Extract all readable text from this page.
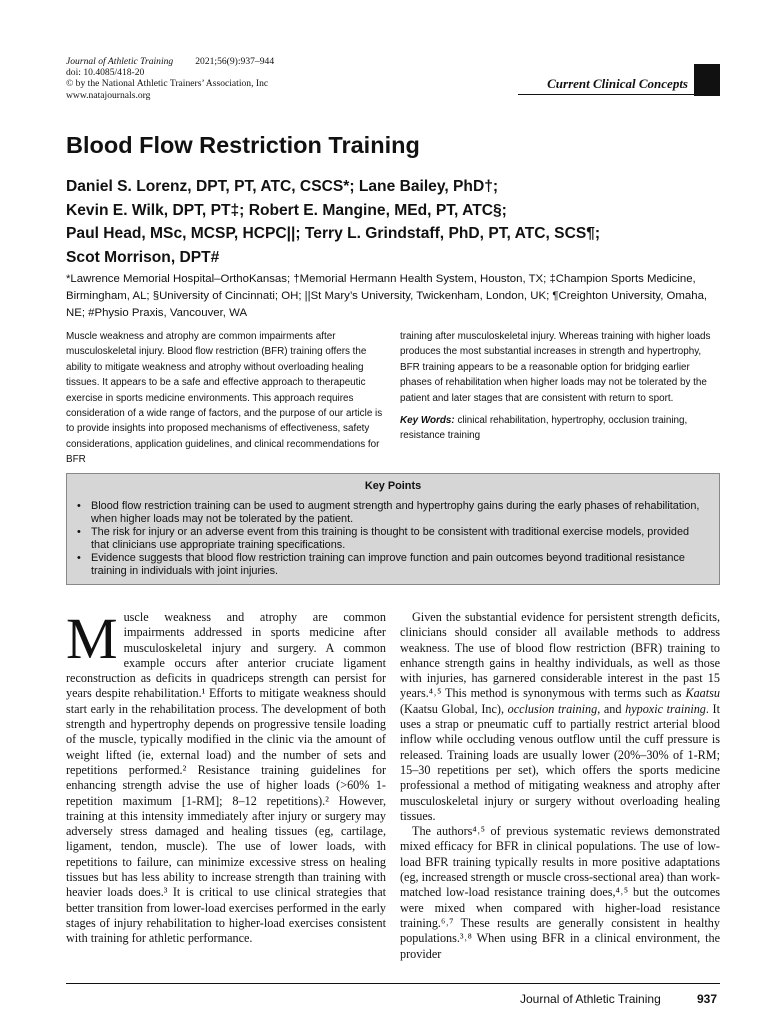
Journal of Athletic Training 2021;56(9):937–944
doi: 10.4085/418-20
© by the National Athletic Trainers’ Association, Inc
www.natajournals.org
Current Clinical Concepts
Blood Flow Restriction Training
Daniel S. Lorenz, DPT, PT, ATC, CSCS*; Lane Bailey, PhD†;
Kevin E. Wilk, DPT, PT‡; Robert E. Mangine, MEd, PT, ATC§;
Paul Head, MSc, MCSP, HCPC||; Terry L. Grindstaff, PhD, PT, ATC, SCS¶;
Scot Morrison, DPT#
*Lawrence Memorial Hospital–OrthoKansas; †Memorial Hermann Health System, Houston, TX; ‡Champion Sports Medicine, Birmingham, AL; §University of Cincinnati; OH; ||St Mary’s University, Twickenham, London, UK; ¶Creighton University, Omaha, NE; #Physio Praxis, Vancouver, WA
Muscle weakness and atrophy are common impairments after musculoskeletal injury. Blood flow restriction (BFR) training offers the ability to mitigate weakness and atrophy without overloading healing tissues. It appears to be a safe and effective approach to therapeutic exercise in sports medicine environments. This approach requires consideration of a wide range of factors, and the purpose of our article is to provide insights into proposed mechanisms of effectiveness, safety considerations, application guidelines, and clinical recommendations for BFR
training after musculoskeletal injury. Whereas training with higher loads produces the most substantial increases in strength and hypertrophy, BFR training appears to be a reasonable option for bridging earlier phases of rehabilitation when higher loads may not be tolerated by the patient and later stages that are consistent with return to sport.
Key Words: clinical rehabilitation, hypertrophy, occlusion training, resistance training
Key Points
• Blood flow restriction training can be used to augment strength and hypertrophy gains during the early phases of rehabilitation, when higher loads may not be tolerated by the patient.
• The risk for injury or an adverse event from this training is thought to be consistent with traditional exercise models, provided that clinicians use appropriate training specifications.
• Evidence suggests that blood flow restriction training can improve function and pain outcomes beyond traditional resistance training in individuals with joint injuries.
Muscle weakness and atrophy are common impairments addressed in sports medicine after musculoskeletal injury and surgery. A common example occurs after anterior cruciate ligament reconstruction as deficits in quadriceps strength can persist for years despite rehabilitation.¹ Efforts to mitigate weakness should start early in the rehabilitation process. The development of both strength and hypertrophy depends on progressive tensile loading of the muscle, typically modified in the clinic via the amount of weight lifted (ie, external load) and the number of sets and repetitions performed.² Resistance training guidelines for enhancing strength advise the use of higher loads (>60% 1-repetition maximum [1-RM]; 8–12 repetitions).² However, training at this intensity immediately after injury or surgery may adversely stress damaged and healing tissues (eg, cartilage, ligament, tendon, muscle). The use of lower loads, with repetitions to failure, can minimize excessive stress on healing tissues but has less ability to increase strength than training with heavier loads does.³ It is critical to use clinical strategies that better transition from lower-load exercises performed in the early stages of injury rehabilitation to higher-load exercises consistent with training for athletic performance.

Given the substantial evidence for persistent strength deficits, clinicians should consider all available methods to address weakness. The use of blood flow restriction (BFR) training to enhance strength gains in healthy individuals, as well as those with injuries, has garnered considerable interest in the past 15 years.⁴˒⁵ This method is synonymous with terms such as Kaatsu (Kaatsu Global, Inc), occlusion training, and hypoxic training. It uses a strap or pneumatic cuff to partially restrict arterial blood inflow while occluding venous outflow until the cuff pressure is released. Training loads are usually lower (20%–30% of 1-RM; 15–30 repetitions per set), which offers the sports medicine professional a method of mitigating weakness and atrophy after musculoskeletal injury or surgery without overloading healing tissues.

The authors⁴˒⁵ of previous systematic reviews demonstrated mixed efficacy for BFR in clinical populations. The use of low-load BFR training typically results in more positive adaptations (eg, increased strength or muscle cross-sectional area) than work-matched low-load resistance training does,⁴˒⁵ but the outcomes were mixed when compared with higher-load resistance training.⁶˒⁷ These results are generally consistent in healthy populations.³˒⁸ When using BFR in a clinical environment, the provider

Journal of Athletic Training	937
